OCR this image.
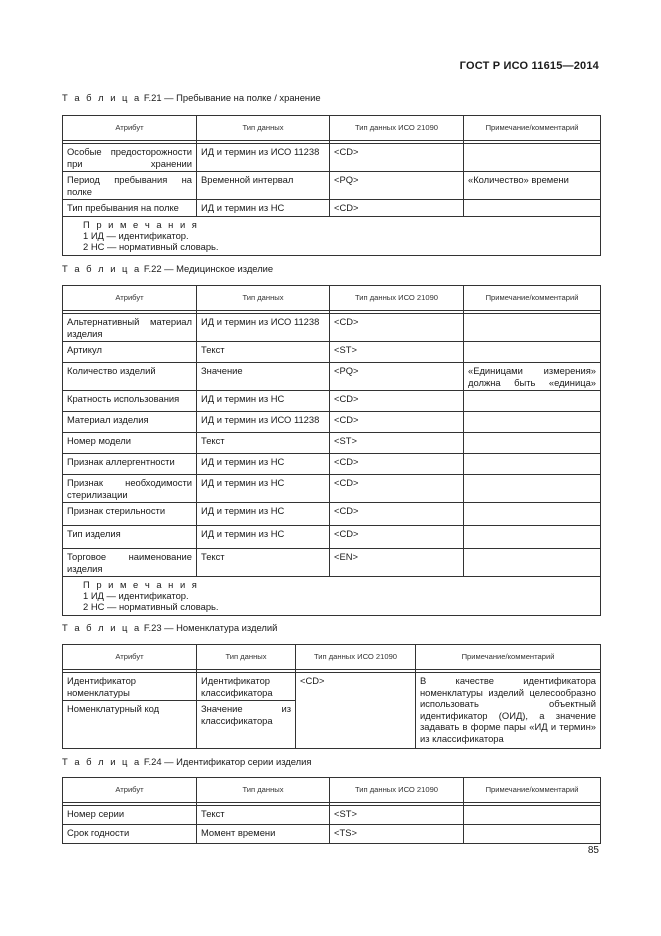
ГОСТ Р ИСО 11615—2014
Т а б л и ц а F.21 — Пребывание на полке / хранение
Атрибут	Тип данных	Тип данных ИСО 21090	Примечание/комментарий

Особые предосторожности при хранении	ИД и термин из ИСО 11238	<CD>	
Период пребывания на полке	Временной интервал	<PQ>	«Количество» времени
Тип пребывания на полке	ИД и термин из НС	<CD>	

П р и м е ч а н и я
1 ИД — идентификатор.
2 НС — нормативный словарь.			
Т а б л и ц а F.22 — Медицинское изделие
Атрибут	Тип данных	Тип данных ИСО 21090	Примечание/комментарий

Альтернативный материал изделия	ИД и термин из ИСО 11238	<CD>	
Артикул	Текст	<ST>	
Количество изделий	Значение	<PQ>	«Единицами измерения» должна быть «единица»
Кратность использования	ИД и термин из НС	<CD>	
Материал изделия	ИД и термин из ИСО 11238	<CD>	
Номер модели	Текст	<ST>	
Признак аллергентности	ИД и термин из НС	<CD>	
Признак необходимости стерилизации	ИД и термин из НС	<CD>	
Признак стерильности	ИД и термин из НС	<CD>	
Тип изделия	ИД и термин из НС	<CD>	
Торговое наименование изделия	Текст	<EN>	

П р и м е ч а н и я
1 ИД — идентификатор.
2 НС — нормативный словарь.			
Т а б л и ц а F.23 — Номенклатура изделий
Атрибут	Тип данных	Тип данных ИСО 21090	Примечание/комментарий

Идентификатор номенклатуры	Идентификатор классификатора	<CD>	В качестве идентификатора номенклатуры изделий целесообразно использовать объектный идентификатор (ОИД), а значение задавать в форме пары «ИД и термин» из классификатора
Номенклатурный код	Значение из классификатора		
Т а б л и ц а F.24 — Идентификатор серии изделия
Атрибут	Тип данных	Тип данных ИСО 21090	Примечание/комментарий

Номер серии	Текст	<ST>	
Срок годности	Момент времени	<TS>	
85
